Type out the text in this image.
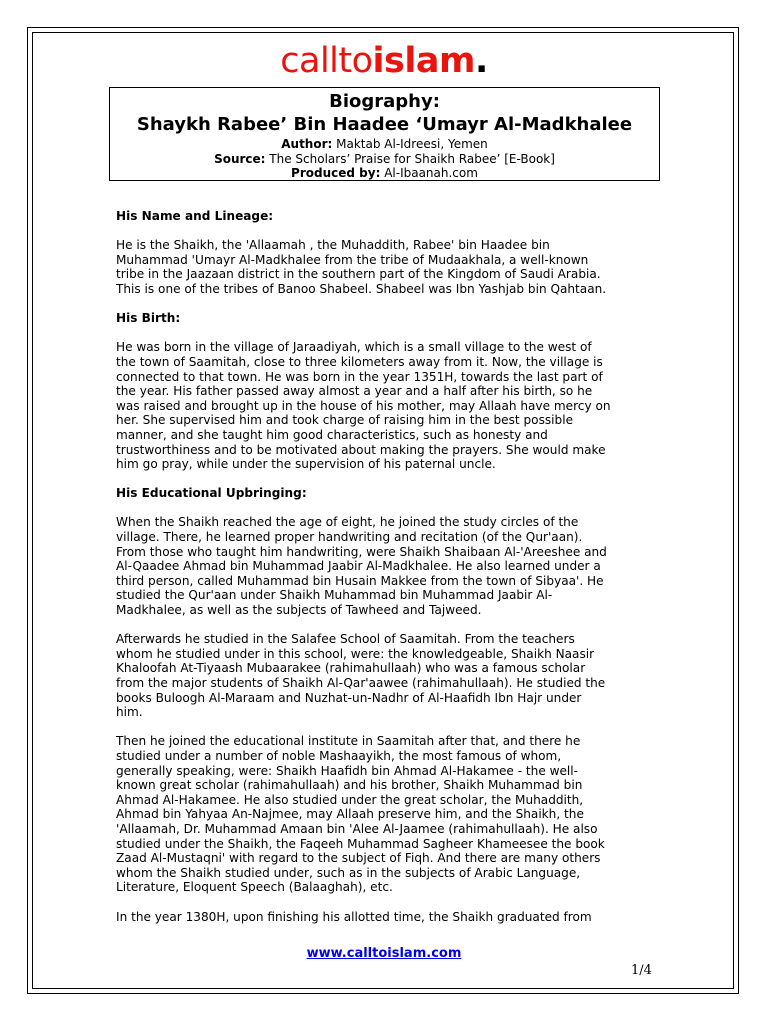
calltoislam.
Biography:
Shaykh Rabee’ Bin Haadee ‘Umayr Al-Madkhalee
Author: Maktab Al-Idreesi, Yemen
Source: The Scholars’ Praise for Shaikh Rabee’ [E-Book]
Produced by: Al-Ibaanah.com

His Name and Lineage:

He is the Shaikh, the 'Allaamah , the Muhaddith, Rabee' bin Haadee bin
Muhammad 'Umayr Al-Madkhalee from the tribe of Mudaakhala, a well-known
tribe in the Jaazaan district in the southern part of the Kingdom of Saudi Arabia.
This is one of the tribes of Banoo Shabeel. Shabeel was Ibn Yashjab bin Qahtaan.

His Birth:

He was born in the village of Jaraadiyah, which is a small village to the west of
the town of Saamitah, close to three kilometers away from it. Now, the village is
connected to that town. He was born in the year 1351H, towards the last part of
the year. His father passed away almost a year and a half after his birth, so he
was raised and brought up in the house of his mother, may Allaah have mercy on
her. She supervised him and took charge of raising him in the best possible
manner, and she taught him good characteristics, such as honesty and
trustworthiness and to be motivated about making the prayers. She would make
him go pray, while under the supervision of his paternal uncle.

His Educational Upbringing:

When the Shaikh reached the age of eight, he joined the study circles of the
village. There, he learned proper handwriting and recitation (of the Qur'aan).
From those who taught him handwriting, were Shaikh Shaibaan Al-'Areeshee and
Al-Qaadee Ahmad bin Muhammad Jaabir Al-Madkhalee. He also learned under a
third person, called Muhammad bin Husain Makkee from the town of Sibyaa'. He
studied the Qur'aan under Shaikh Muhammad bin Muhammad Jaabir Al-
Madkhalee, as well as the subjects of Tawheed and Tajweed.

Afterwards he studied in the Salafee School of Saamitah. From the teachers
whom he studied under in this school, were: the knowledgeable, Shaikh Naasir
Khaloofah At-Tiyaash Mubaarakee (rahimahullaah) who was a famous scholar
from the major students of Shaikh Al-Qar'aawee (rahimahullaah). He studied the
books Buloogh Al-Maraam and Nuzhat-un-Nadhr of Al-Haafidh Ibn Hajr under
him.

Then he joined the educational institute in Saamitah after that, and there he
studied under a number of noble Mashaayikh, the most famous of whom,
generally speaking, were: Shaikh Haafidh bin Ahmad Al-Hakamee - the well-
known great scholar (rahimahullaah) and his brother, Shaikh Muhammad bin
Ahmad Al-Hakamee. He also studied under the great scholar, the Muhaddith,
Ahmad bin Yahyaa An-Najmee, may Allaah preserve him, and the Shaikh, the
'Allaamah, Dr. Muhammad Amaan bin 'Alee Al-Jaamee (rahimahullaah). He also
studied under the Shaikh, the Faqeeh Muhammad Sagheer Khameesee the book
Zaad Al-Mustaqni' with regard to the subject of Fiqh. And there are many others
whom the Shaikh studied under, such as in the subjects of Arabic Language,
Literature, Eloquent Speech (Balaaghah), etc.

In the year 1380H, upon finishing his allotted time, the Shaikh graduated from

www.calltoislam.com
1/4
